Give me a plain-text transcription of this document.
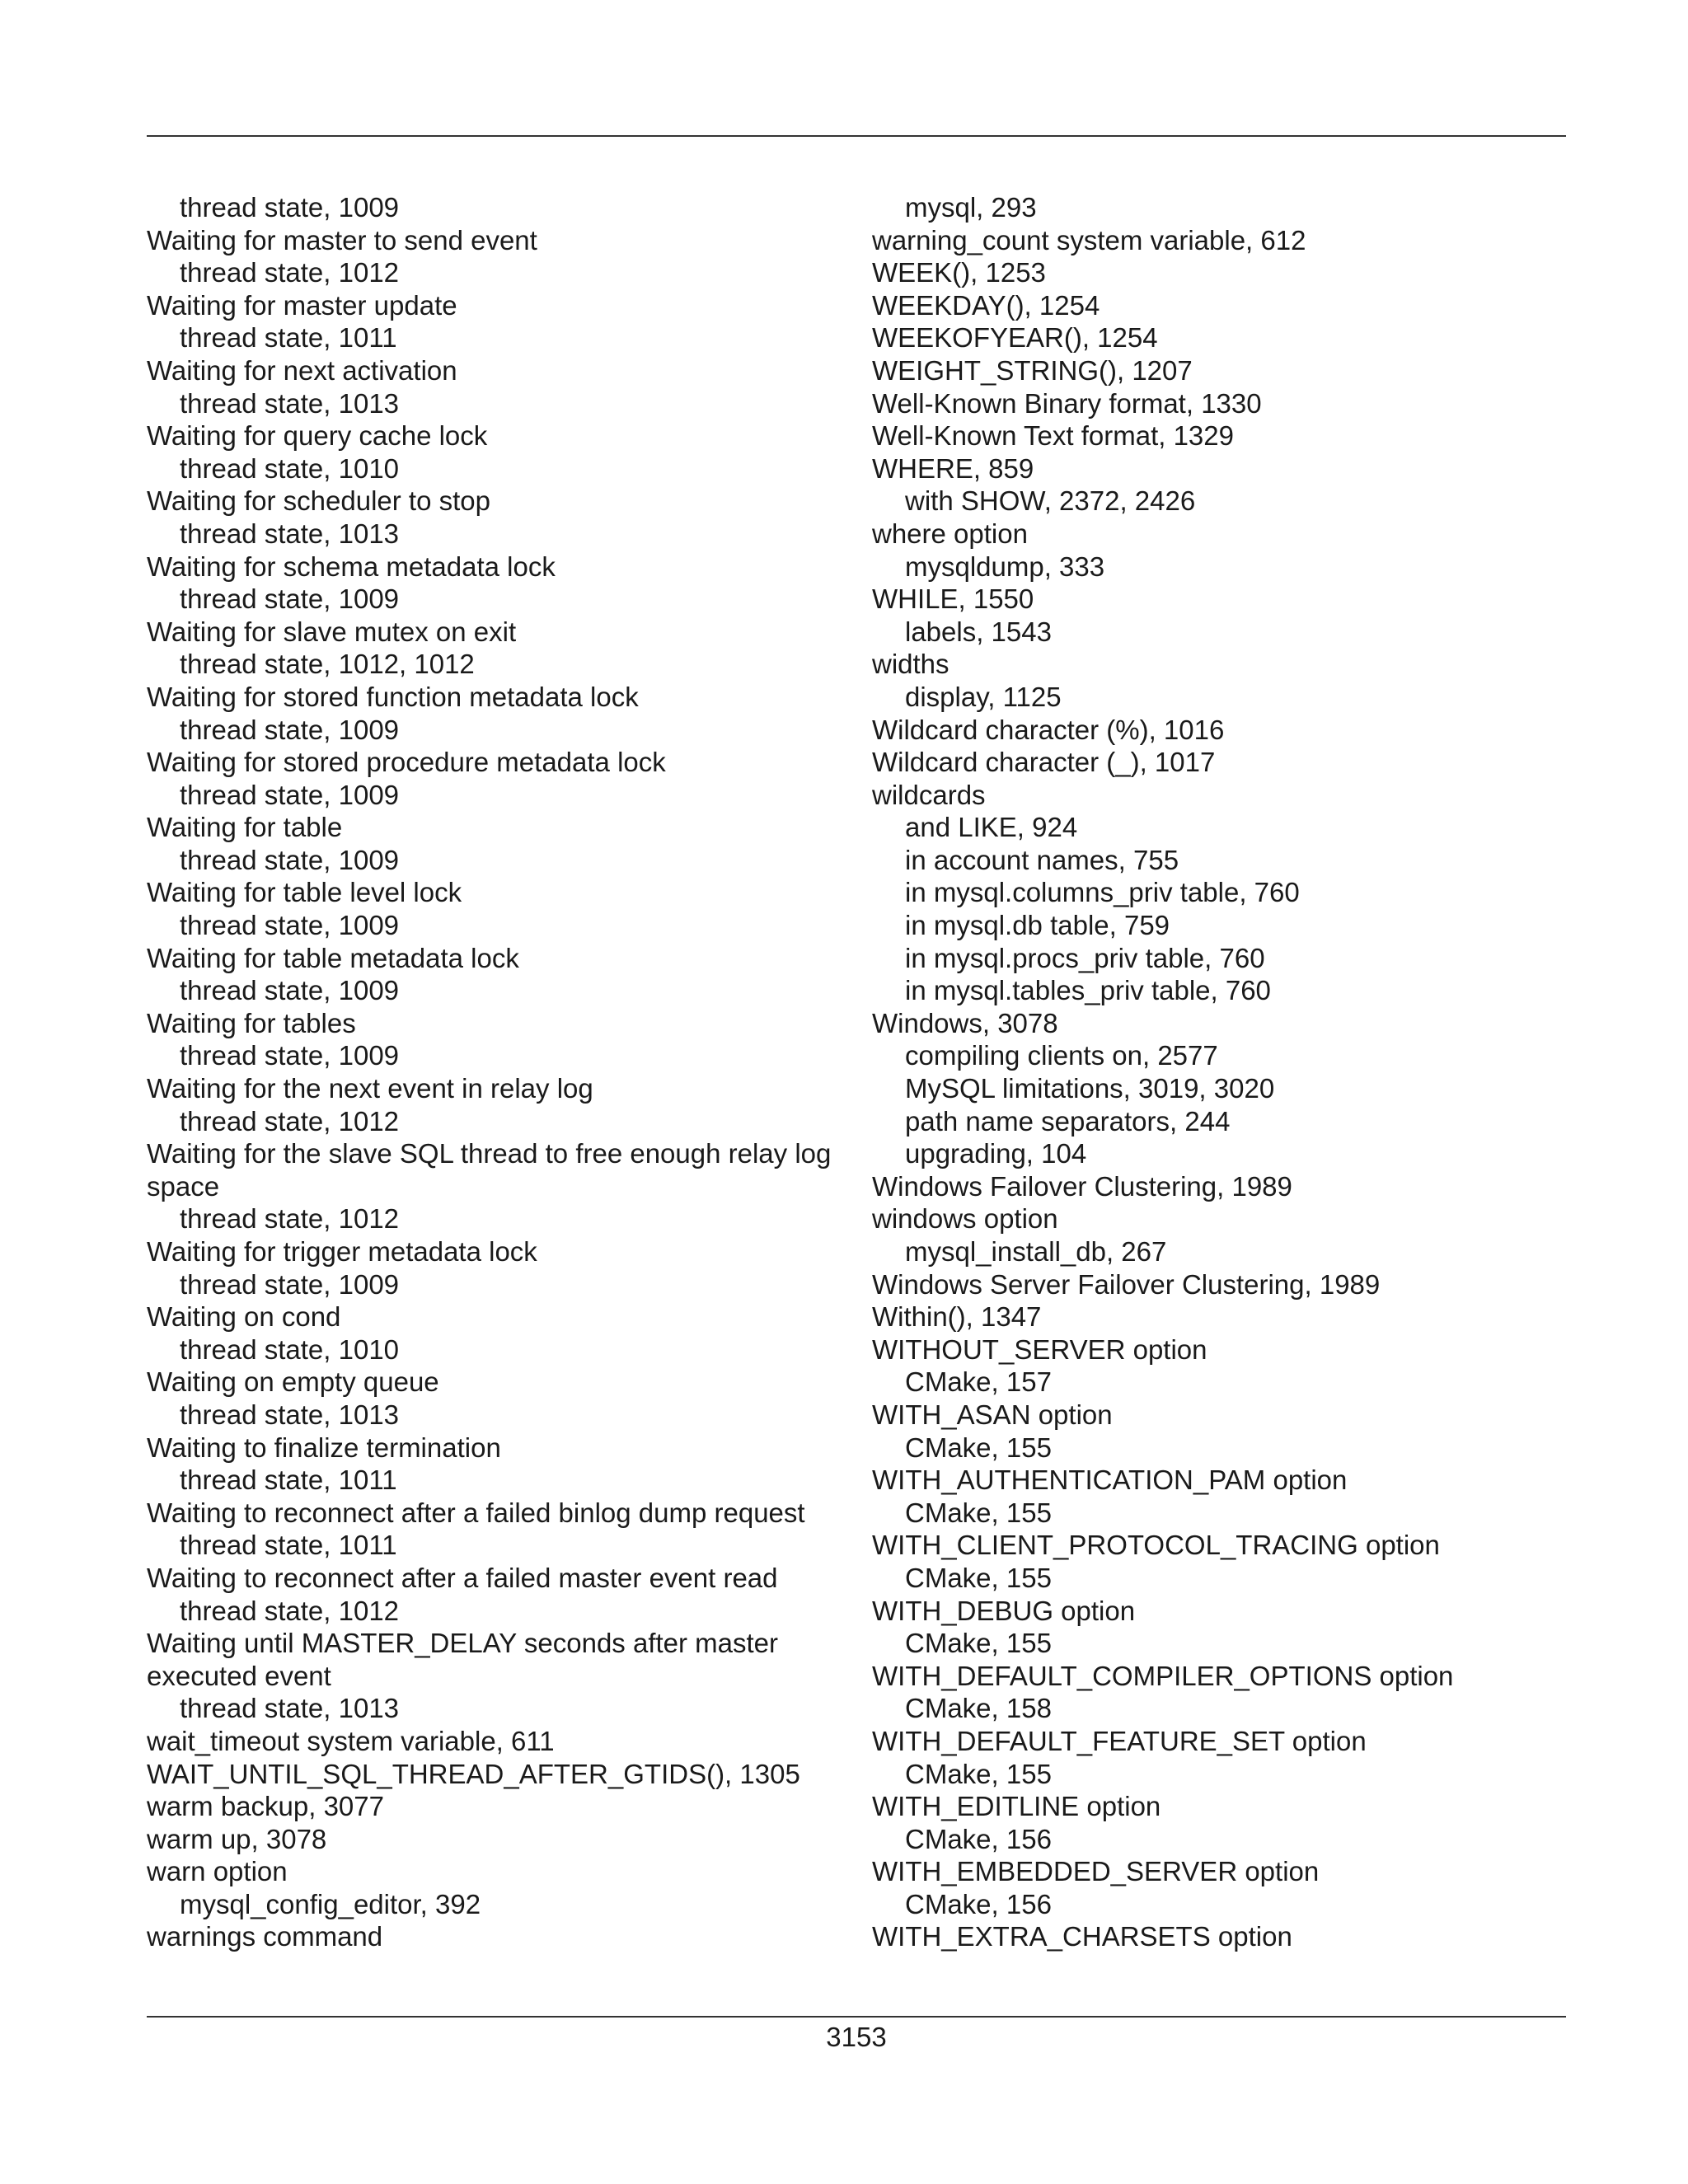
thread state, 1009
Waiting for master to send event
thread state, 1012
Waiting for master update
thread state, 1011
Waiting for next activation
thread state, 1013
Waiting for query cache lock
thread state, 1010
Waiting for scheduler to stop
thread state, 1013
Waiting for schema metadata lock
thread state, 1009
Waiting for slave mutex on exit
thread state, 1012, 1012
Waiting for stored function metadata lock
thread state, 1009
Waiting for stored procedure metadata lock
thread state, 1009
Waiting for table
thread state, 1009
Waiting for table level lock
thread state, 1009
Waiting for table metadata lock
thread state, 1009
Waiting for tables
thread state, 1009
Waiting for the next event in relay log
thread state, 1012
Waiting for the slave SQL thread to free enough relay log space
thread state, 1012
Waiting for trigger metadata lock
thread state, 1009
Waiting on cond
thread state, 1010
Waiting on empty queue
thread state, 1013
Waiting to finalize termination
thread state, 1011
Waiting to reconnect after a failed binlog dump request
thread state, 1011
Waiting to reconnect after a failed master event read
thread state, 1012
Waiting until MASTER_DELAY seconds after master executed event
thread state, 1013
wait_timeout system variable, 611
WAIT_UNTIL_SQL_THREAD_AFTER_GTIDS(), 1305
warm backup, 3077
warm up, 3078
warn option
mysql_config_editor, 392
warnings command
mysql, 293
warning_count system variable, 612
WEEK(), 1253
WEEKDAY(), 1254
WEEKOFYEAR(), 1254
WEIGHT_STRING(), 1207
Well-Known Binary format, 1330
Well-Known Text format, 1329
WHERE, 859
with SHOW, 2372, 2426
where option
mysqldump, 333
WHILE, 1550
labels, 1543
widths
display, 1125
Wildcard character (%), 1016
Wildcard character (_), 1017
wildcards
and LIKE, 924
in account names, 755
in mysql.columns_priv table, 760
in mysql.db table, 759
in mysql.procs_priv table, 760
in mysql.tables_priv table, 760
Windows, 3078
compiling clients on, 2577
MySQL limitations, 3019, 3020
path name separators, 244
upgrading, 104
Windows Failover Clustering, 1989
windows option
mysql_install_db, 267
Windows Server Failover Clustering, 1989
Within(), 1347
WITHOUT_SERVER option
CMake, 157
WITH_ASAN option
CMake, 155
WITH_AUTHENTICATION_PAM option
CMake, 155
WITH_CLIENT_PROTOCOL_TRACING option
CMake, 155
WITH_DEBUG option
CMake, 155
WITH_DEFAULT_COMPILER_OPTIONS option
CMake, 158
WITH_DEFAULT_FEATURE_SET option
CMake, 155
WITH_EDITLINE option
CMake, 156
WITH_EMBEDDED_SERVER option
CMake, 156
WITH_EXTRA_CHARSETS option
3153
